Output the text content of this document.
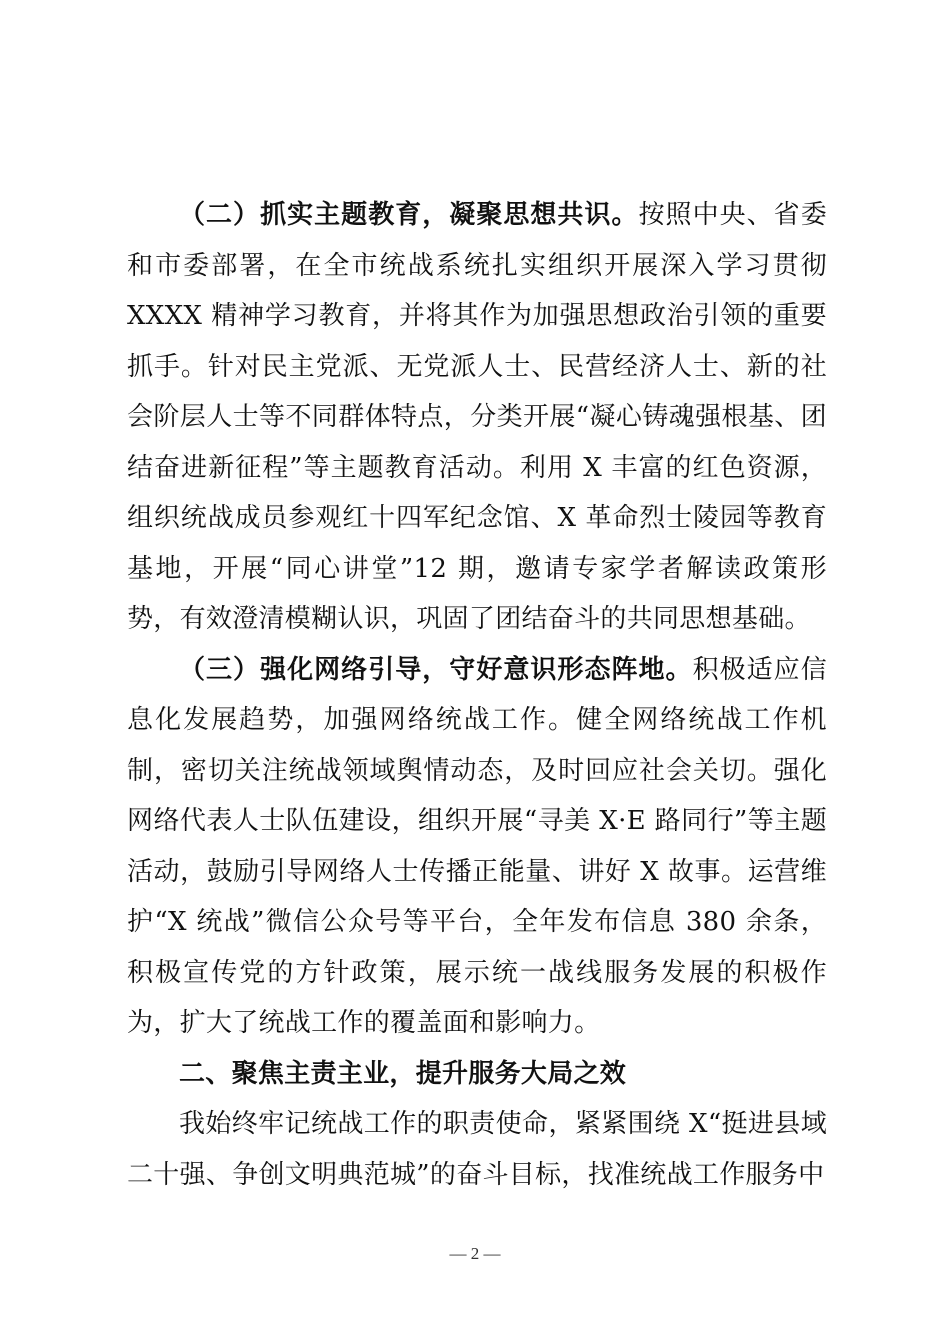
（二）抓实主题教育，凝聚思想共识。按照中央、省委和市委部署，在全市统战系统扎实组织开展深入学习贯彻 XXXX 精神学习教育，并将其作为加强思想政治引领的重要抓手。针对民主党派、无党派人士、民营经济人士、新的社会阶层人士等不同群体特点，分类开展“凝心铸魂强根基、团结奋进新征程”等主题教育活动。利用 X 丰富的红色资源，组织统战成员参观红十四军纪念馆、X 革命烈士陵园等教育基地，开展“同心讲堂”12 期，邀请专家学者解读政策形势，有效澄清模糊认识，巩固了团结奋斗的共同思想基础。

（三）强化网络引导，守好意识形态阵地。积极适应信息化发展趋势，加强网络统战工作。健全网络统战工作机制，密切关注统战领域舆情动态，及时回应社会关切。强化网络代表人士队伍建设，组织开展“寻美 X·E 路同行”等主题活动，鼓励引导网络人士传播正能量、讲好 X 故事。运营维护“X 统战”微信公众号等平台，全年发布信息 380 余条，积极宣传党的方针政策，展示统一战线服务发展的积极作为，扩大了统战工作的覆盖面和影响力。

二、聚焦主责主业，提升服务大局之效

我始终牢记统战工作的职责使命，紧紧围绕 X“挺进县域二十强、争创文明典范城”的奋斗目标，找准统战工作服务中

— 2 —
